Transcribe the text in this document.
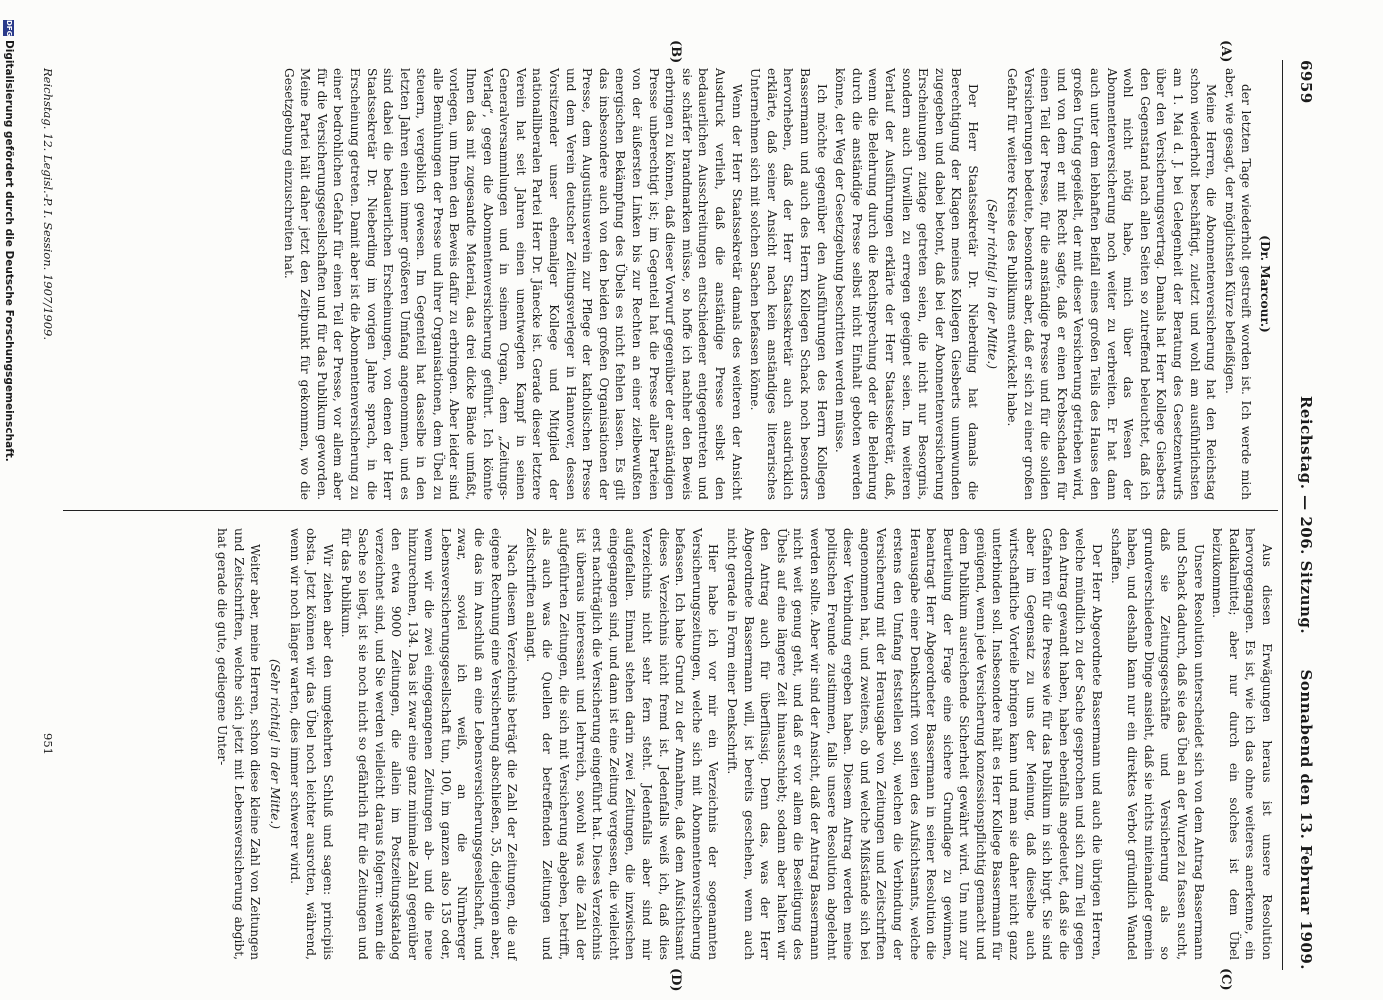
6959
Reichstag. — 206. Sitzung.
Sonnabend den 13. Februar 1909.
(A)
(B)
(C)
(D)

(Dr. Marcour.)

der letzten Tage wiederholt gestreift worden ist. Ich werde mich aber, wie gesagt, der möglichsten Kürze befleißigen.

Meine Herren, die Abonnentenversicherung hat den Reichstag schon wiederholt beschäftigt, zuletzt und wohl am ausführlichsten am 1. Mai d. J. bei Gelegenheit der Beratung des Gesetzentwurfs über den Versicherungsvertrag. Damals hat Herr Kollege Giesberts den Gegenstand nach allen Seiten so zutreffend beleuchtet, daß ich wohl nicht nötig habe, mich über das Wesen der Abonnentenversicherung noch weiter zu verbreiten. Er hat dann auch unter dem lebhaften Beifall eines großen Teils des Hauses den großen Unfug gegeißelt, der mit dieser Versicherung getrieben wird, und von dem er mit Recht sagte, daß er einen Krebsschaden für einen Teil der Presse, für die anständige Presse und für die soliden Versicherungen bedeute, besonders aber, daß er sich zu einer großen Gefahr für weitere Kreise des Publikums entwickelt habe.

(Sehr richtig! in der Mitte.)

Der Herr Staatssekretär Dr. Nieberding hat damals die Berechtigung der Klagen meines Kollegen Giesberts unumwunden zugegeben und dabei betont, daß bei der Abonnentenversicherung Erscheinungen zutage getreten seien, die nicht nur Besorgnis, sondern auch Unwillen zu erregen geeignet seien. Im weiteren Verlauf der Ausführungen erklärte der Herr Staatssekretär, daß, wenn die Belehrung durch die Rechtsprechung oder die Belehrung durch die anständige Presse selbst nicht Einhalt geboten werden könne, der Weg der Gesetzgebung beschritten werden müsse.

Ich möchte gegenüber den Ausführungen des Herrn Kollegen Bassermann und auch des Herrn Kollegen Schack noch besonders hervorheben, daß der Herr Staatssekretär auch ausdrücklich erklärte, daß seiner Ansicht nach kein anständiges literarisches Unternehmen sich mit solchen Sachen befassen könne.

Wenn der Herr Staatssekretär damals des weiteren der Ansicht Ausdruck verlieh, daß die anständige Presse selbst den bedauerlichen Ausschreitungen entschiedener entgegentreten und sie schärfer brandmarken müsse, so hoffe ich nachher den Beweis erbringen zu können, daß dieser Vorwurf gegenüber der anständigen Presse unberechtigt ist; im Gegenteil hat die Presse aller Parteien von der äußersten Linken bis zur Rechten an einer zielbewußten energischen Bekämpfung des Übels es nicht fehlen lassen. Es gilt das insbesondere auch von den beiden großen Organisationen der Presse, dem Augustinusverein zur Pflege der katholischen Presse und dem Verein deutscher Zeitungsverleger in Hannover, dessen Vorsitzender unser ehemaliger Kollege und Mitglied der nationalliberalen Partei Herr Dr. Jänecke ist. Gerade dieser letztere Verein hat seit Jahren einen unentwegten Kampf in seinen Generalversammlungen und in seinem Organ, dem „Zeitungs-Verlag“, gegen die Abonnentenversicherung geführt. Ich könnte Ihnen das mit zugesandte Material, das drei dicke Bände umfaßt, vorlegen, um Ihnen den Beweis dafür zu erbringen. Aber leider sind alle Bemühungen der Presse und ihrer Organisationen, dem Übel zu steuern, vergeblich gewesen. Im Gegenteil hat dasselbe in den letzten Jahren einen immer größeren Umfang angenommen, und es sind dabei die bedauerlichen Erscheinungen, von denen der Herr Staatssekretär Dr. Nieberding im vorigen Jahre sprach, in die Erscheinung getreten. Damit aber ist die Abonnentenversicherung zu einer bedrohlichen Gefahr für einen Teil der Presse, vor allem aber für die Versicherungsgesellschaften und für das Publikum geworden. Meine Partei hält daher jetzt den Zeitpunkt für gekommen, wo die Gesetzgebung einzuschreiten hat.

Aus diesen Erwägungen heraus ist unsere Resolution hervorgegangen. Es ist, wie ich das ohne weiteres anerkenne, ein Radikalmittel; aber nur durch ein solches ist dem Übel beizukommen.

Unsere Resolution unterscheidet sich von dem Antrag Bassermann und Schack dadurch, daß sie das Übel an der Wurzel zu fassen sucht, daß sie Zeitungsgeschäfte und Versicherung als so grundverschiedene Dinge ansieht, daß sie nichts miteinander gemein haben, und deshalb kann nur ein direktes Verbot gründlich Wandel schaffen.

Der Herr Abgeordnete Bassermann und auch die übrigen Herren, welche mündlich zu der Sache gesprochen und sich zum Teil gegen den Antrag gewandt haben, haben ebenfalls angedeutet, daß sie die Gefahren für die Presse wie für das Publikum in sich birgt. Sie sind aber im Gegensatz zu uns der Meinung, daß dieselbe auch wirtschaftliche Vorteile bringen kann und man sie daher nicht ganz unterbinden soll. Insbesondere hält es Herr Kollege Bassermann für genügend, wenn jede Versicherung konzessionspflichtig gemacht und dem Publikum ausreichende Sicherheit gewährt wird. Um nun zur Beurteilung der Frage eine sichere Grundlage zu gewinnen, beantragt Herr Abgeordneter Bassermann in seiner Resolution die Herausgabe einer Denkschrift von seiten des Aufsichtsamts, welche erstens den Umfang feststellen soll, welchen die Verbindung der Versicherung mit der Herausgabe von Zeitungen und Zeitschriften angenommen hat, und zweitens, ob und welche Mißstände sich bei dieser Verbindung ergeben haben. Diesem Antrag werden meine politischen Freunde zustimmen, falls unsere Resolution abgelehnt werden sollte. Aber wir sind der Ansicht, daß der Antrag Bassermann nicht weit genug geht, und daß er vor allem die Beseitigung des Übels auf eine längere Zeit hinausschiebt; sodann aber halten wir den Antrag auch für überflüssig. Denn das, was der Herr Abgeordnete Bassermann will, ist bereits geschehen, wenn auch nicht gerade in Form einer Denkschrift.

Hier habe ich vor mir ein Verzeichnis der sogenannten Versicherungszeitungen, welche sich mit Abonnentenversicherung befassen. Ich habe Grund zu der Annahme, daß dem Aufsichtsamt dieses Verzeichnis nicht fremd ist. Jedenfalls weiß ich, daß dies Verzeichnis nicht sehr fern steht. Jedenfalls aber sind mir aufgefallen. Einmal stehen darin zwei Zeitungen, die inzwischen eingegangen sind, und dann ist eine Zeitung vergessen, die vielleicht erst nachträglich die Versicherung eingeführt hat. Dieses Verzeichnis ist überaus interessant und lehrreich, sowohl was die Zahl der aufgeführten Zeitungen, die sich mit Versicherung abgeben, betrifft, als auch was die Quellen der betreffenden Zeitungen und Zeitschriften anlangt.

Nach diesem Verzeichnis beträgt die Zahl der Zeitungen, die auf eigene Rechnung eine Versicherung abschließen, 35, diejenigen aber, die das im Anschluß an eine Lebensversicherungsgesellschaft, und zwar, soviel ich weiß, an die Nürnberger Lebensversicherungsgesellschaft tun, 100, im ganzen also 135 oder, wenn wir die zwei eingegangenen Zeitungen ab- und die neue hinzurechnen, 134. Das ist zwar eine ganz minimale Zahl gegenüber den etwa 9000 Zeitungen, die allein im Postzeitungskatalog verzeichnet sind, und Sie werden vielleicht daraus folgern: wenn die Sache so liegt, ist sie noch nicht so gefährlich für die Zeitungen und für das Publikum.

Wir ziehen aber den umgekehrten Schluß und sagen: principiis obsta. Jetzt können wir das Übel noch leichter ausrotten, während, wenn wir noch länger warten, dies immer schwerer wird.

(Sehr richtig! in der Mitte.)

Weiter aber, meine Herren, schon diese kleine Zahl von Zeitungen und Zeitschriften, welche sich jetzt mit Lebensversicherung abgibt, hat gerade die gute, gediegene Unter-

Reichstag. 12. Legisl.-P. I. Session. 1907/1909.
951
DFGDigitalisierung gefördert durch die Deutsche Forschungsgemeinschaft.
